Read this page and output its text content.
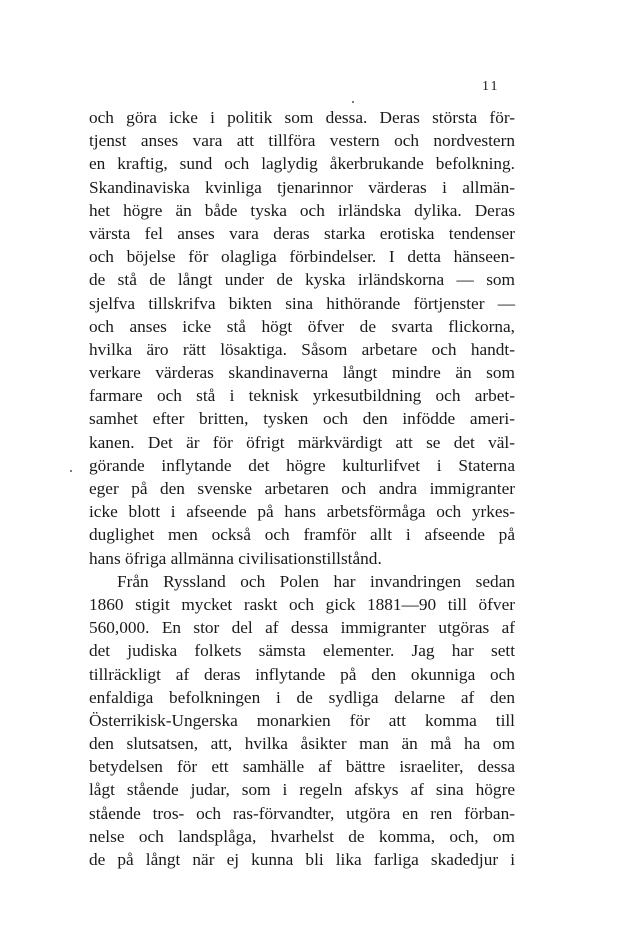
11
och göra icke i politik som dessa. Deras största för-
tjenst anses vara att tillföra vestern och nordvestern
en kraftig, sund och laglydig åkerbrukande befolkning.
Skandinaviska kvinliga tjenarinnor värderas i allmän-
het högre än både tyska och irländska dylika. Deras
värsta fel anses vara deras starka erotiska tendenser
och böjelse för olagliga förbindelser. I detta hänseen-
de stå de långt under de kyska irländskorna — som
sjelfva tillskrifva bikten sina hithörande förtjenster —
och anses icke stå högt öfver de svarta flickorna,
hvilka äro rätt lösaktiga. Såsom arbetare och handt-
verkare värderas skandinaverna långt mindre än som
farmare och stå i teknisk yrkesutbildning och arbet-
samhet efter britten, tysken och den infödde ameri-
kanen. Det är för öfrigt märkvärdigt att se det väl-
görande inflytande det högre kulturlifvet i Staterna
eger på den svenske arbetaren och andra immigranter
icke blott i afseende på hans arbetsförmåga och yrkes-
duglighet men också och framför allt i afseende på
hans öfriga allmänna civilisationstillstånd.
Från Ryssland och Polen har invandringen sedan
1860 stigit mycket raskt och gick 1881—90 till öfver
560,000. En stor del af dessa immigranter utgöras af
det judiska folkets sämsta elementer. Jag har sett
tillräckligt af deras inflytande på den okunniga och
enfaldiga befolkningen i de sydliga delarne af den
Österrikisk-Ungerska monarkien för att komma till
den slutsatsen, att, hvilka åsikter man än må ha om
betydelsen för ett samhälle af bättre israeliter, dessa
lågt stående judar, som i regeln afskys af sina högre
stående tros- och ras-förvandter, utgöra en ren förban-
nelse och landsplåga, hvarhelst de komma, och, om
de på långt när ej kunna bli lika farliga skadedjur i
